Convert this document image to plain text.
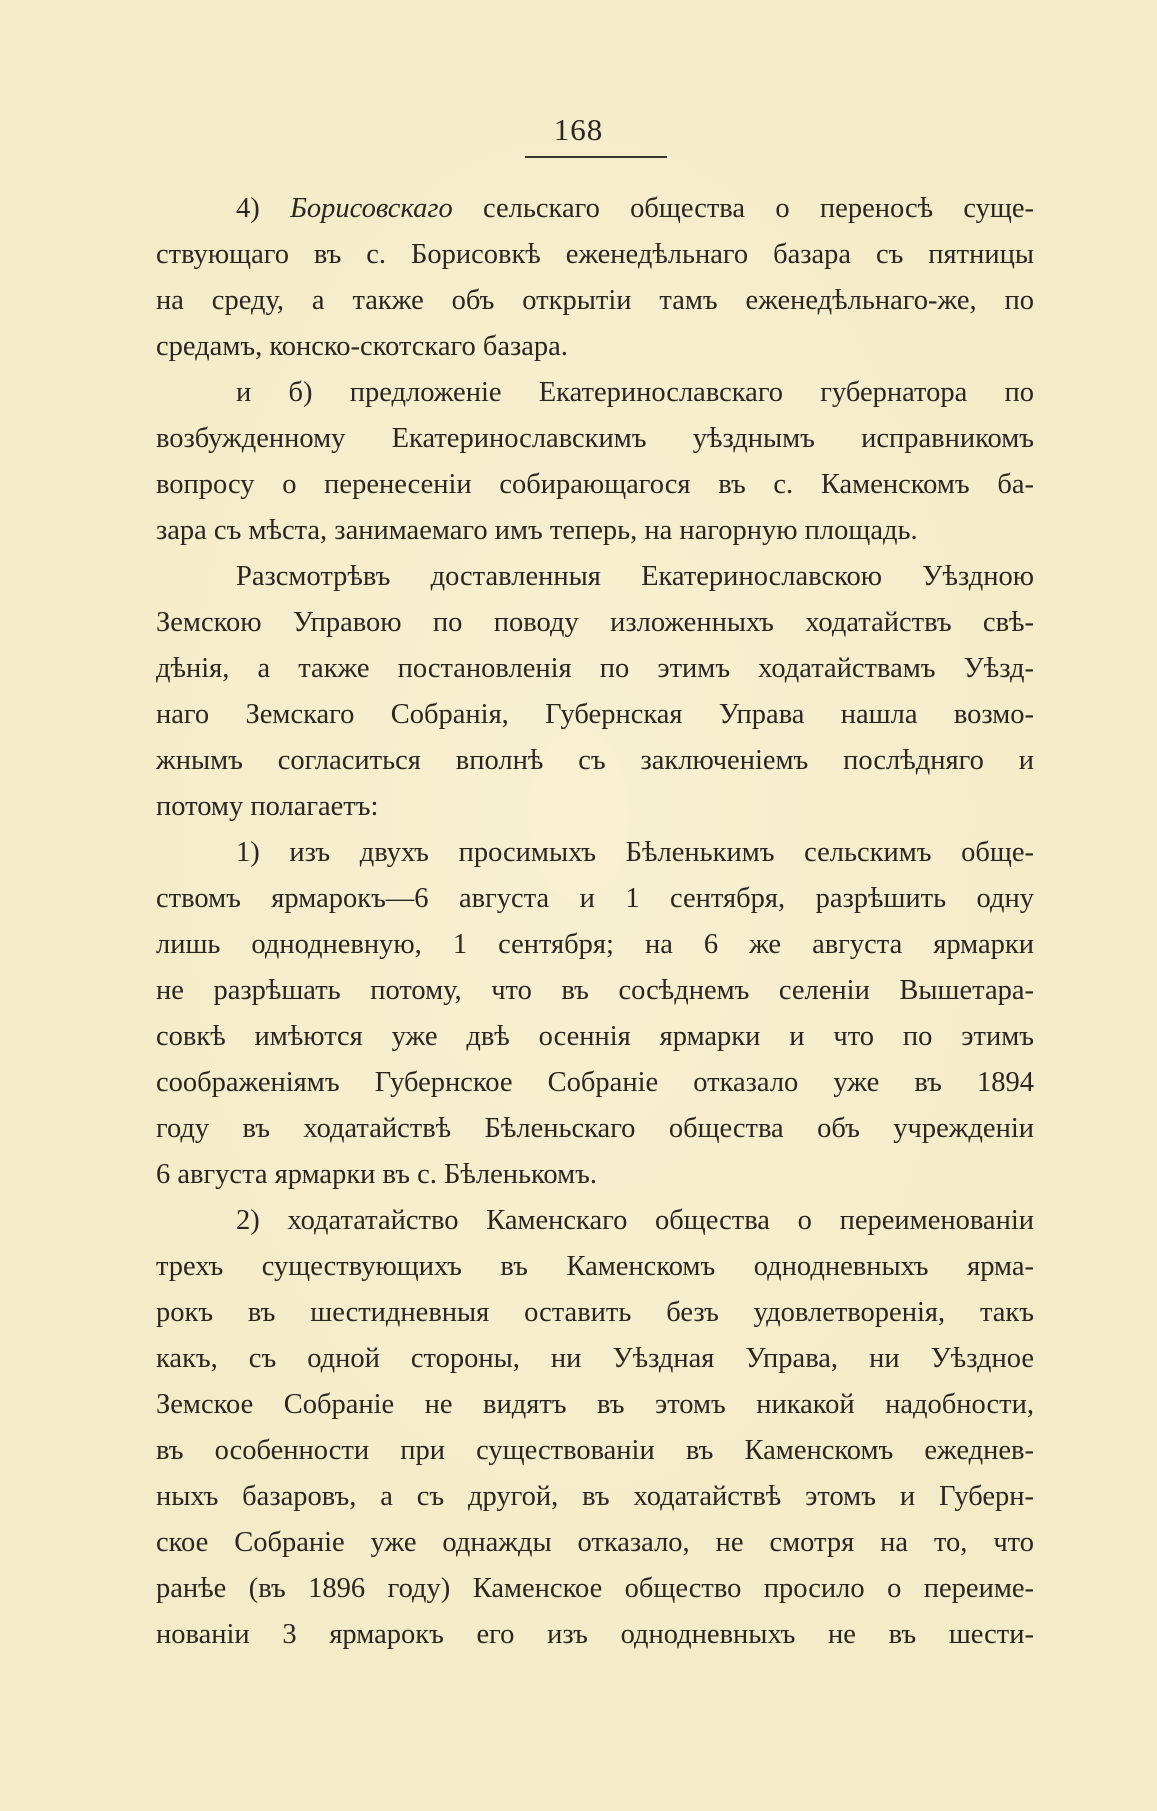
168
4) Борисовскаго сельскаго общества о переносѣ суще-
ствующаго въ с. Борисовкѣ еженедѣльнаго базара съ пятницы
на среду, а также объ открытіи тамъ еженедѣльнаго-же, по
средамъ, конско-скотскаго базара.
и б) предложеніе Екатеринославскаго губернатора по
возбужденному Екатеринославскимъ уѣзднымъ исправникомъ
вопросу о перенесеніи собирающагося въ с. Каменскомъ ба-
зара съ мѣста, занимаемаго имъ теперь, на нагорную площадь.
Разсмотрѣвъ доставленныя Екатеринославскою Уѣздною
Земскою Управою по поводу изложенныхъ ходатайствъ свѣ-
дѣнія, а также постановленія по этимъ ходатайствамъ Уѣзд-
наго Земскаго Собранія, Губернская Управа нашла возмо-
жнымъ согласиться вполнѣ съ заключеніемъ послѣдняго и
потому полагаетъ:
1) изъ двухъ просимыхъ Бѣленькимъ сельскимъ обще-
ствомъ ярмарокъ—6 августа и 1 сентября, разрѣшить одну
лишь однодневную, 1 сентября; на 6 же августа ярмарки
не разрѣшать потому, что въ сосѣднемъ селеніи Вышетара-
совкѣ имѣются уже двѣ осеннія ярмарки и что по этимъ
соображеніямъ Губернское Собраніе отказало уже въ 1894
году въ ходатайствѣ Бѣленьскаго общества объ учрежденіи
6 августа ярмарки въ с. Бѣленькомъ.
2) ходататайство Каменскаго общества о переименованіи
трехъ существующихъ въ Каменскомъ однодневныхъ ярма-
рокъ въ шестидневныя оставить безъ удовлетворенія, такъ
какъ, съ одной стороны, ни Уѣздная Управа, ни Уѣздное
Земское Собраніе не видятъ въ этомъ никакой надобности,
въ особенности при существованіи въ Каменскомъ ежеднев-
ныхъ базаровъ, а съ другой, въ ходатайствѣ этомъ и Губерн-
ское Собраніе уже однажды отказало, не смотря на то, что
ранѣе (въ 1896 году) Каменское общество просило о переиме-
нованіи 3 ярмарокъ его изъ однодневныхъ не въ шести-
